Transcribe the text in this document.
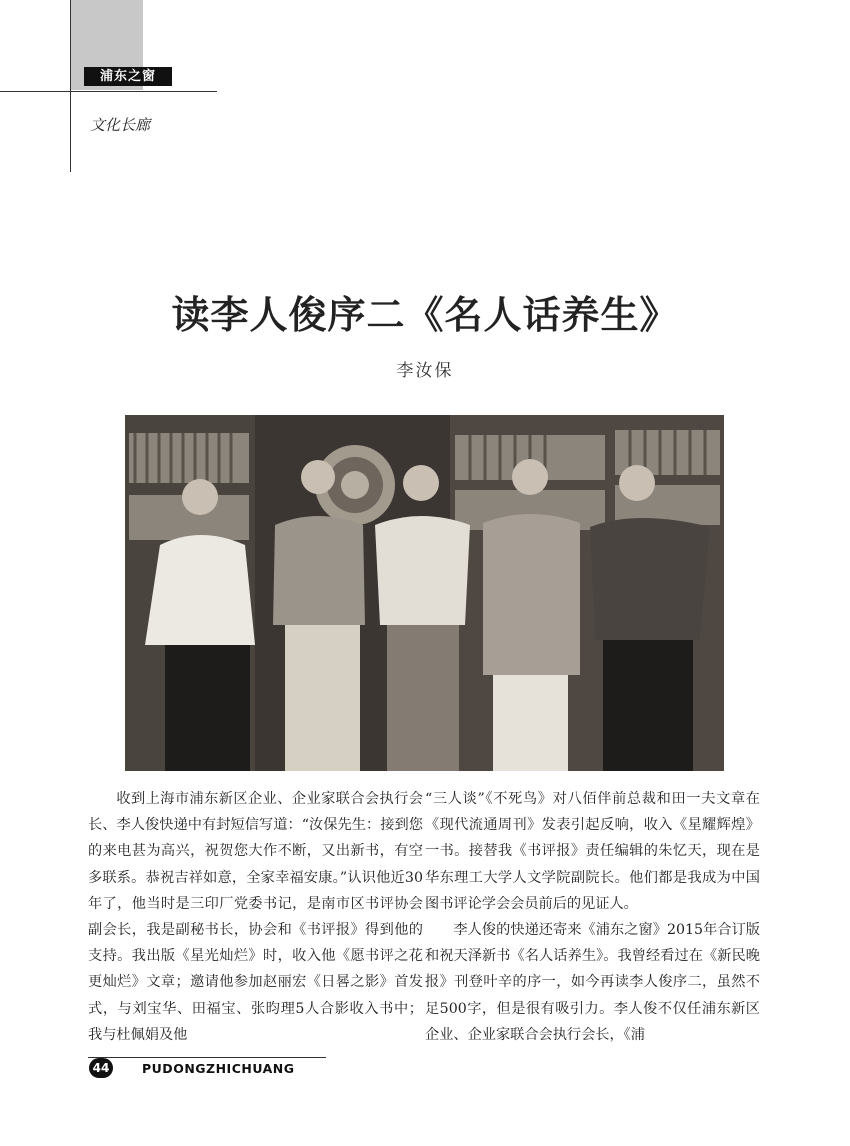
浦东之窗
文化长廊
读李人俊序二《名人话养生》
李汝保

收到上海市浦东新区企业、企业家联合会执行会长、李人俊快递中有封短信写道：“汝保先生：接到您的来电甚为高兴，祝贺您大作不断，又出新书，有空多联系。恭祝吉祥如意，全家幸福安康。”认识他近30年了，他当时是三印厂党委书记，是南市区书评协会副会长，我是副秘书长，协会和《书评报》得到他的支持。我出版《星光灿烂》时，收入他《愿书评之花更灿烂》文章；邀请他参加赵丽宏《日晷之影》首发式，与刘宝华、田福宝、张昀理5人合影收入书中；我与杜佩娟及他

“三人谈”《不死鸟》对八佰伴前总裁和田一夫文章在《现代流通周刊》发表引起反响，收入《星耀辉煌》一书。接替我《书评报》责任编辑的朱忆天，现在是华东理工大学人文学院副院长。他们都是我成为中国图书评论学会会员前后的见证人。

李人俊的快递还寄来《浦东之窗》2015年合订版和祝天泽新书《名人话养生》。我曾经看过在《新民晚报》刊登叶辛的序一，如今再读李人俊序二，虽然不足500字，但是很有吸引力。李人俊不仅任浦东新区企业、企业家联合会执行会长，《浦

44	PUDONGZHICHUANG
